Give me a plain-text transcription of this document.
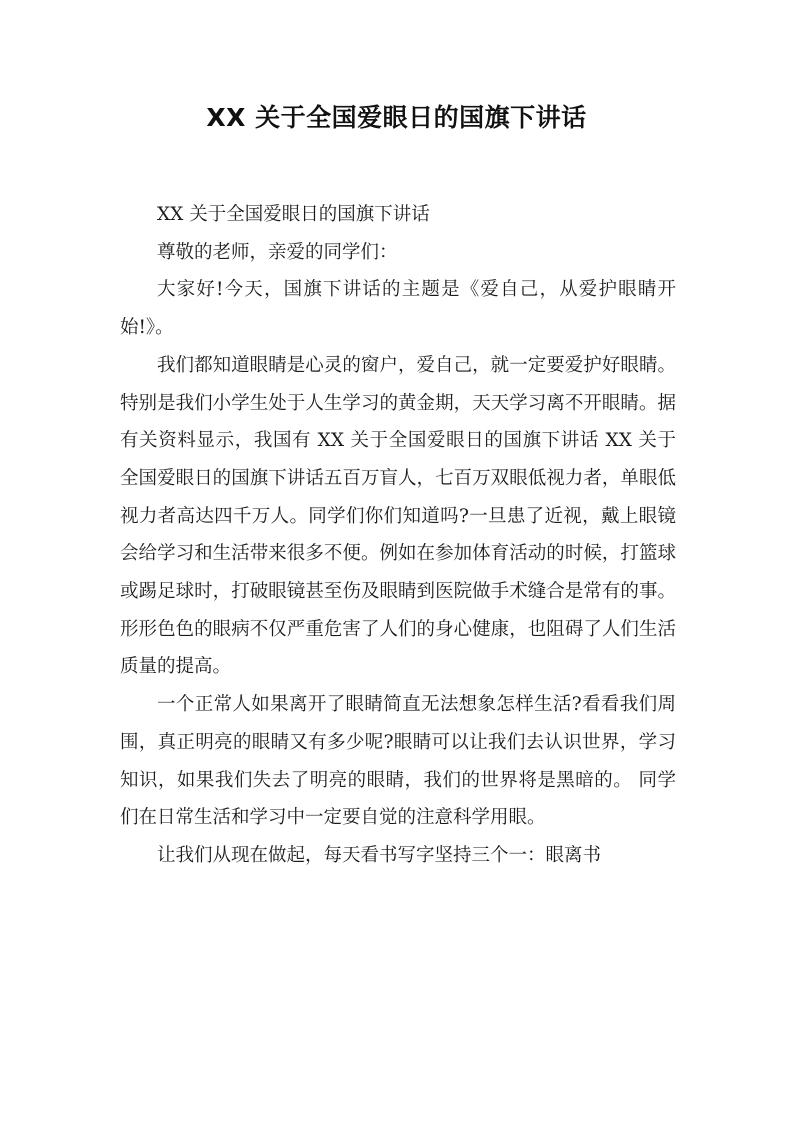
XX 关于全国爱眼日的国旗下讲话

XX 关于全国爱眼日的国旗下讲话

尊敬的老师，亲爱的同学们：

大家好!今天，国旗下讲话的主题是《爱自己，从爱护眼睛开始!》。

我们都知道眼睛是心灵的窗户，爱自己，就一定要爱护好眼睛。特别是我们小学生处于人生学习的黄金期，天天学习离不开眼睛。据有关资料显示，我国有 XX 关于全国爱眼日的国旗下讲话 XX 关于全国爱眼日的国旗下讲话五百万盲人，七百万双眼低视力者，单眼低视力者高达四千万人。同学们你们知道吗?一旦患了近视，戴上眼镜会给学习和生活带来很多不便。例如在参加体育活动的时候，打篮球或踢足球时，打破眼镜甚至伤及眼睛到医院做手术缝合是常有的事。形形色色的眼病不仅严重危害了人们的身心健康，也阻碍了人们生活质量的提高。

一个正常人如果离开了眼睛简直无法想象怎样生活?看看我们周围，真正明亮的眼睛又有多少呢?眼睛可以让我们去认识世界，学习知识，如果我们失去了明亮的眼睛，我们的世界将是黑暗的。 同学们在日常生活和学习中一定要自觉的注意科学用眼。

让我们从现在做起，每天看书写字坚持三个一：眼离书
